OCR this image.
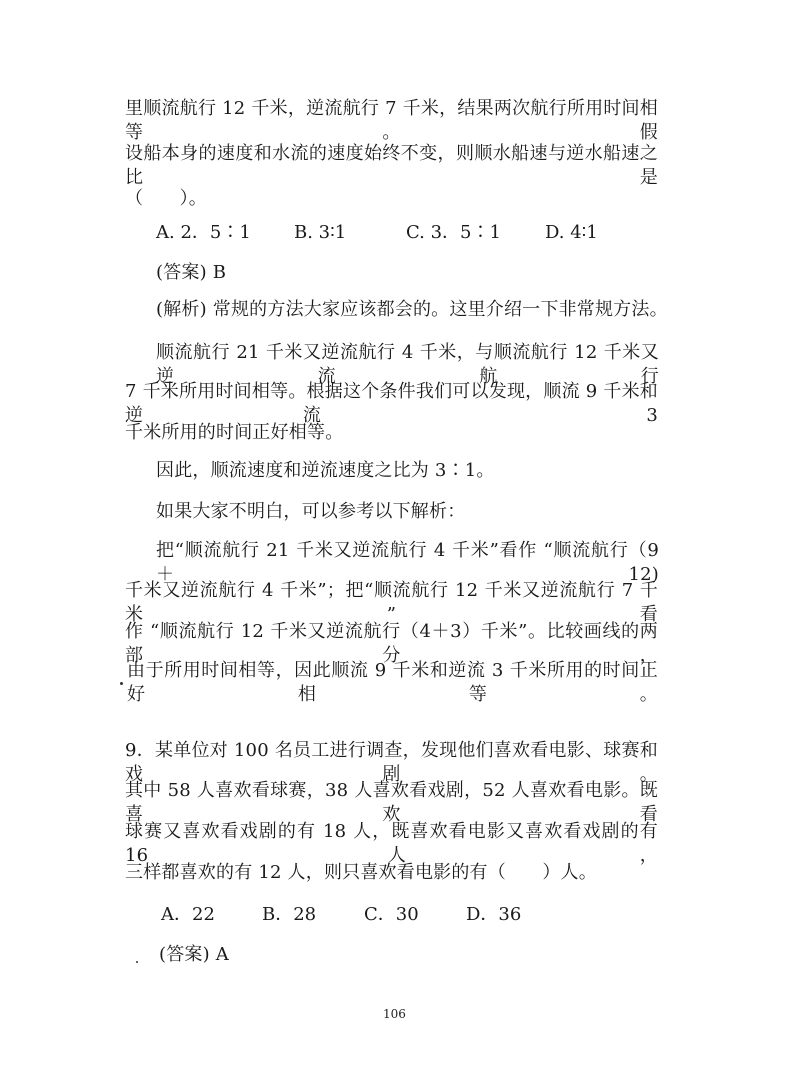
里顺流航行 12 千米，逆流航行 7 千米，结果两次航行所用时间相等。假
设船本身的速度和水流的速度始终不变，则顺水船速与逆水船速之比是
（　　）。
A. 2．5∶1 B. 3∶1	C. 3．5∶1 D. 4∶1
(答案) B
(解析) 常规的方法大家应该都会的。这里介绍一下非常规方法。
顺流航行 21 千米又逆流航行 4 千米，与顺流航行 12 千米又逆流航行
7 千米所用时间相等。根据这个条件我们可以发现，顺流 9 千米和逆流 3
千米所用的时间正好相等。
因此，顺流速度和逆流速度之比为 3∶1。
如果大家不明白，可以参考以下解析：
把“顺流航行 21 千米又逆流航行 4 千米”看作 “顺流航行（9＋12)
千米又逆流航行 4 千米”；把“顺流航行 12 千米又逆流航行 7 千米”看
作 “顺流航行 12 千米又逆流航行（4＋3）千米”。比较画线的两部分，
由于所用时间相等，因此顺流 9 千米和逆流 3 千米所用的时间正好相等。
9．某单位对 100 名员工进行调查，发现他们喜欢看电影、球赛和戏剧。
其中 58 人喜欢看球赛，38 人喜欢看戏剧，52 人喜欢看电影。既喜欢看
球赛又喜欢看戏剧的有 18 人，既喜欢看电影又喜欢看戏剧的有 16 人，
三样都喜欢的有 12 人，则只喜欢看电影的有（　　）人。
A．22	B．28	C．30	D．36
(答案) A
106
